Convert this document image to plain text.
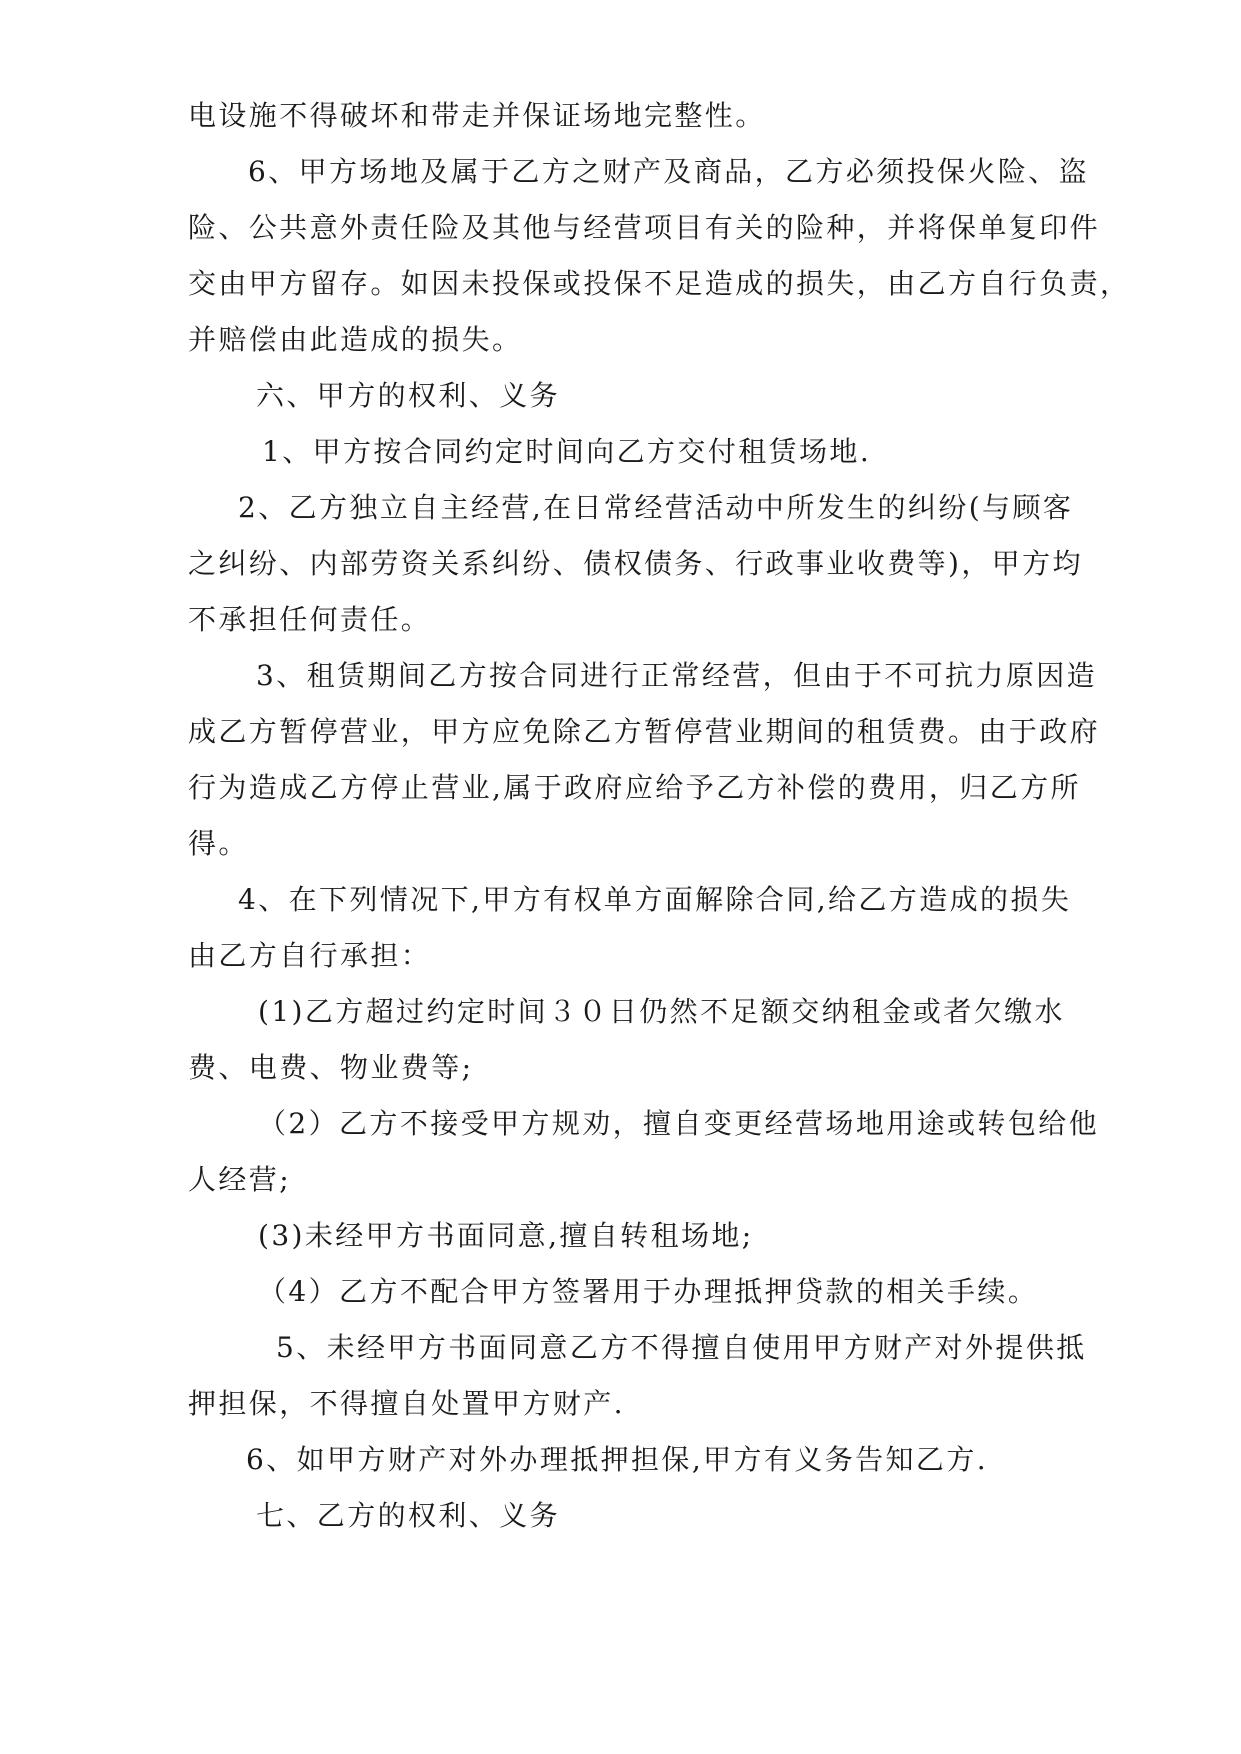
电设施不得破坏和带走并保证场地完整性。
6、甲方场地及属于乙方之财产及商品，乙方必须投保火险、盗
险、公共意外责任险及其他与经营项目有关的险种，并将保单复印件
交由甲方留存。如因未投保或投保不足造成的损失，由乙方自行负责，
并赔偿由此造成的损失。
六、甲方的权利、义务
1、甲方按合同约定时间向乙方交付租赁场地.
2、乙方独立自主经营,在日常经营活动中所发生的纠纷(与顾客
之纠纷、内部劳资关系纠纷、债权债务、行政事业收费等)，甲方均
不承担任何责任。
3、租赁期间乙方按合同进行正常经营，但由于不可抗力原因造
成乙方暂停营业，甲方应免除乙方暂停营业期间的租赁费。由于政府
行为造成乙方停止营业,属于政府应给予乙方补偿的费用，归乙方所
得。
4、在下列情况下,甲方有权单方面解除合同,给乙方造成的损失
由乙方自行承担：
(1)乙方超过约定时间３０日仍然不足额交纳租金或者欠缴水
费、电费、物业费等;
（2）乙方不接受甲方规劝，擅自变更经营场地用途或转包给他
人经营;
(3)未经甲方书面同意,擅自转租场地;
（4）乙方不配合甲方签署用于办理抵押贷款的相关手续。
5、未经甲方书面同意乙方不得擅自使用甲方财产对外提供抵
押担保，不得擅自处置甲方财产.
6、如甲方财产对外办理抵押担保,甲方有义务告知乙方.
七、乙方的权利、义务
